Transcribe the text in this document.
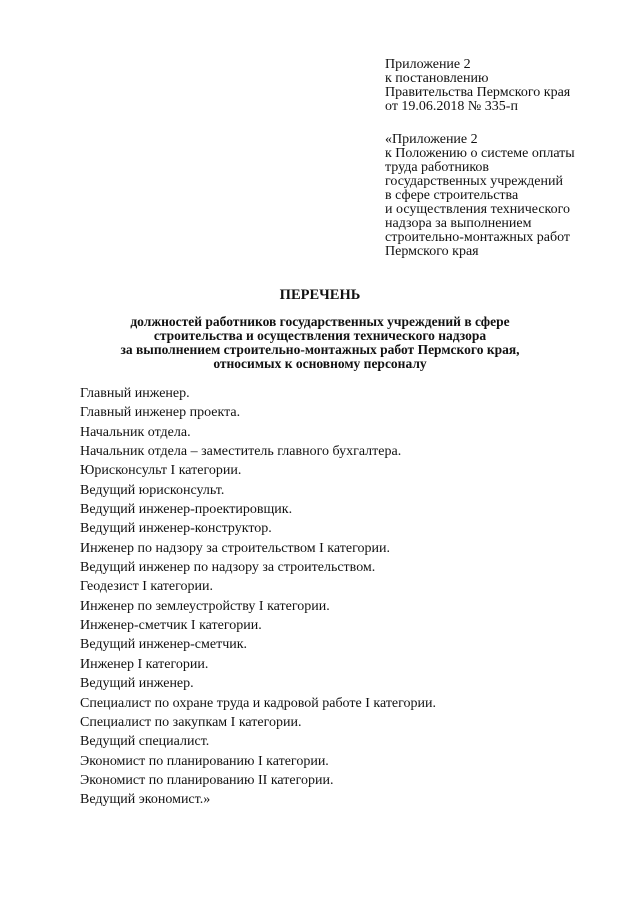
Приложение 2
к постановлению
Правительства Пермского края
от 19.06.2018 № 335-п
«Приложение 2
к Положению о системе оплаты
труда работников
государственных учреждений
в сфере строительства
и осуществления технического
надзора за выполнением
строительно-монтажных работ
Пермского края
ПЕРЕЧЕНЬ
должностей работников государственных учреждений в сфере
строительства и осуществления технического надзора
за выполнением строительно-монтажных работ Пермского края,
относимых к основному персоналу
Главный инженер.
Главный инженер проекта.
Начальник отдела.
Начальник отдела – заместитель главного бухгалтера.
Юрисконсульт I категории.
Ведущий юрисконсульт.
Ведущий инженер-проектировщик.
Ведущий инженер-конструктор.
Инженер по надзору за строительством I категории.
Ведущий инженер по надзору за строительством.
Геодезист I категории.
Инженер по землеустройству I категории.
Инженер-сметчик I категории.
Ведущий инженер-сметчик.
Инженер I категории.
Ведущий инженер.
Специалист по охране труда и кадровой работе I категории.
Специалист по закупкам I категории.
Ведущий специалист.
Экономист по планированию I категории.
Экономист по планированию II категории.
Ведущий экономист.»
